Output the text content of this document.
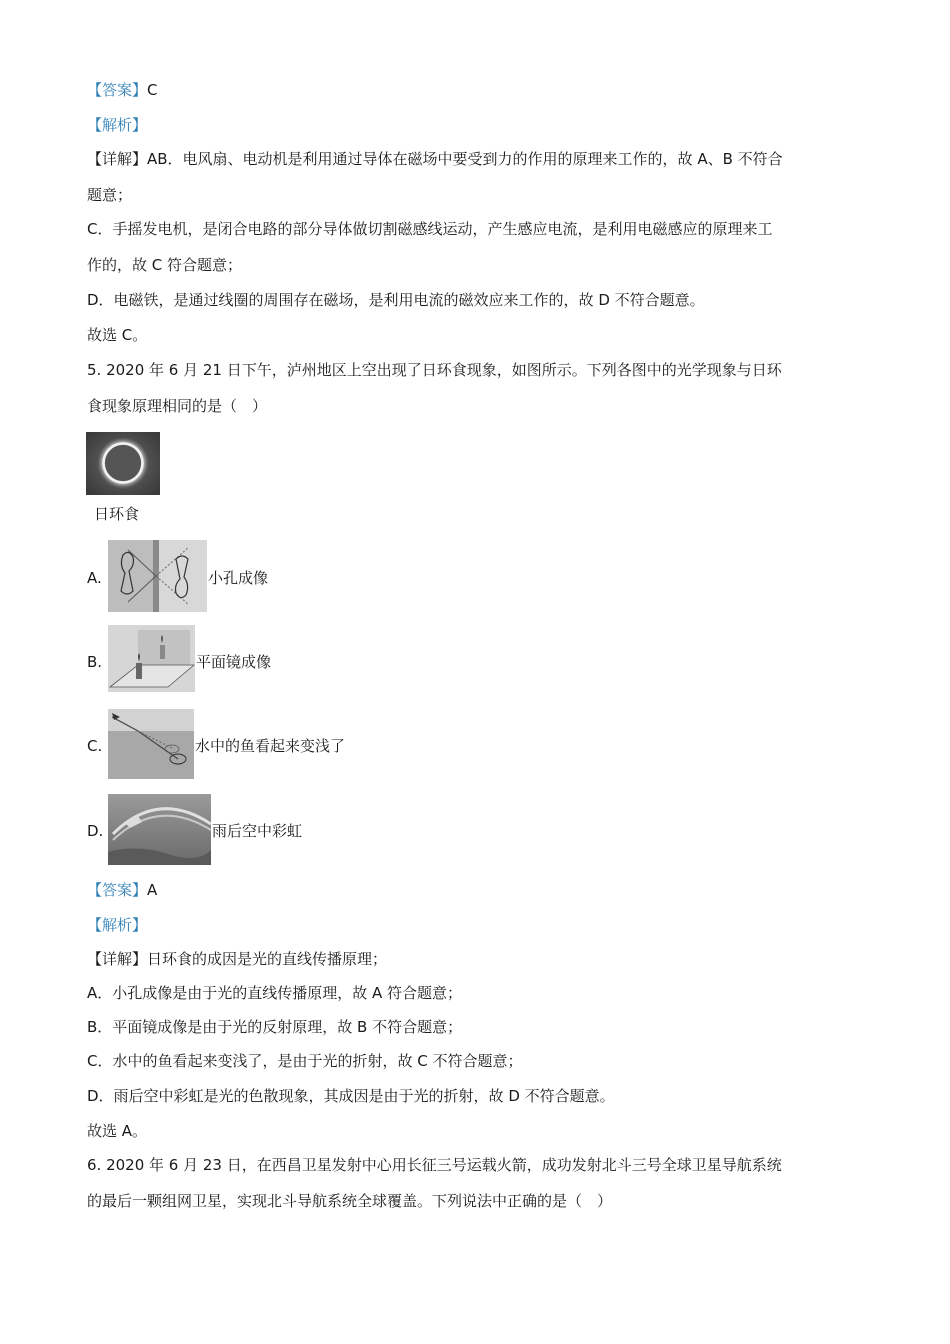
【答案】C
【解析】
【详解】AB．电风扇、电动机是利用通过导体在磁场中要受到力的作用的原理来工作的，故 A、B 不符合
题意；
C．手摇发电机，是闭合电路的部分导体做切割磁感线运动，产生感应电流，是利用电磁感应的原理来工
作的，故 C 符合题意；
D．电磁铁，是通过线圈的周围存在磁场，是利用电流的磁效应来工作的，故 D 不符合题意。
故选 C。
5. 2020 年 6 月 21 日下午，泸州地区上空出现了日环食现象，如图所示。下列各图中的光学现象与日环
食现象原理相同的是（　）
日环食
A.	小孔成像
B.	平面镜成像
C.	水中的鱼看起来变浅了
D.	雨后空中彩虹
【答案】A
【解析】
【详解】日环食的成因是光的直线传播原理；
A．小孔成像是由于光的直线传播原理，故 A 符合题意；
B．平面镜成像是由于光的反射原理，故 B 不符合题意；
C．水中的鱼看起来变浅了，是由于光的折射，故 C 不符合题意；
D．雨后空中彩虹是光的色散现象，其成因是由于光的折射，故 D 不符合题意。
故选 A。
6. 2020 年 6 月 23 日，在西昌卫星发射中心用长征三号运载火箭，成功发射北斗三号全球卫星导航系统
的最后一颗组网卫星，实现北斗导航系统全球覆盖。下列说法中正确的是（　）
